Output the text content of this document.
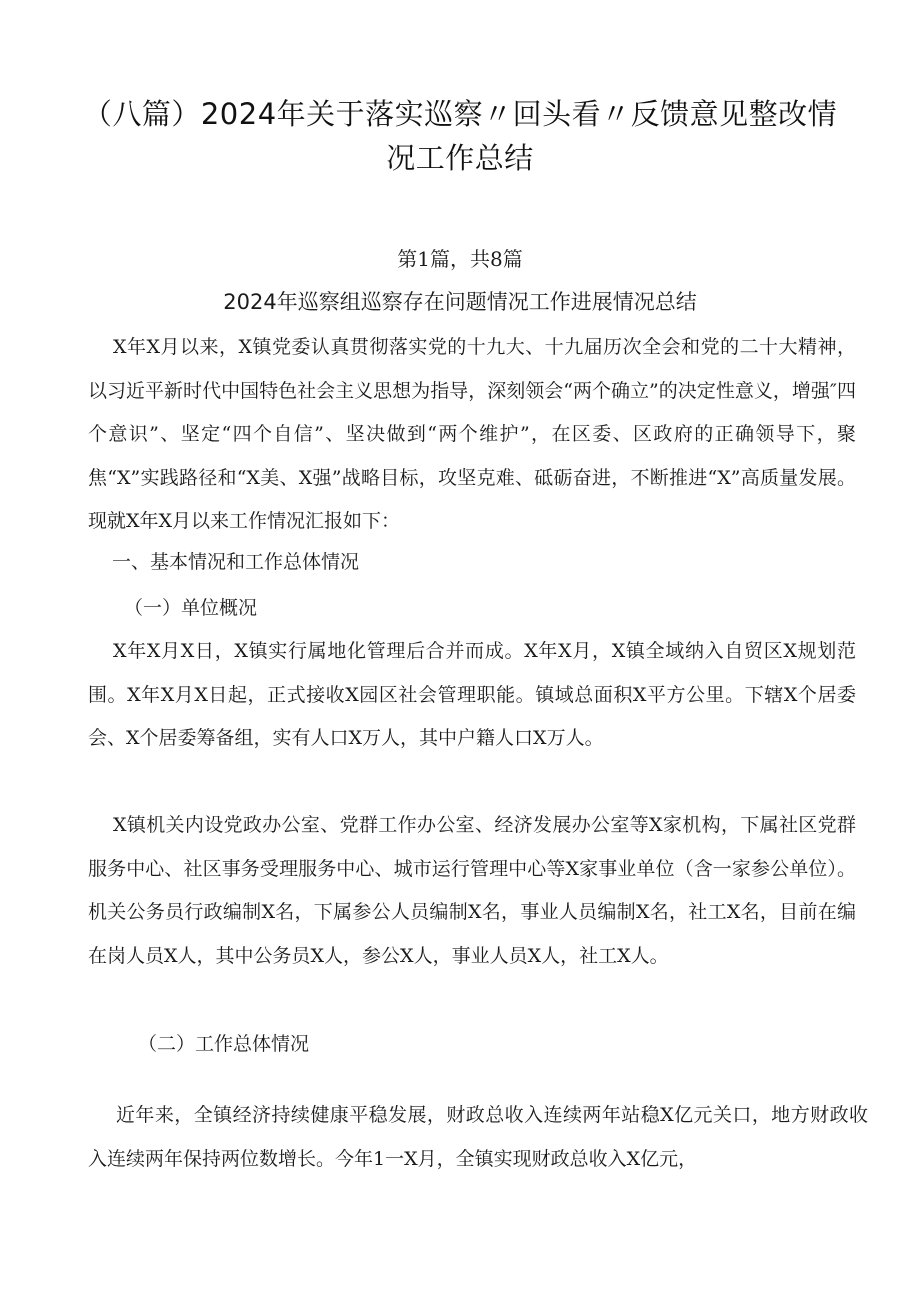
（八篇）2024年关于落实巡察〃回头看〃反馈意见整改情况工作总结

第1篇，共8篇

2024年巡察组巡察存在问题情况工作进展情况总结

X年X月以来，X镇党委认真贯彻落实党的十九大、十九届历次全会和党的二十大精神，以习近平新时代中国特色社会主义思想为指导，深刻领会“两个确立”的决定性意义，增强″四个意识”、坚定“四个自信”、坚决做到“两个维护”，在区委、区政府的正确领导下，聚焦“X”实践路径和“X美、X强”战略目标，攻坚克难、砥砺奋进，不断推进“X”高质量发展。现就X年X月以来工作情况汇报如下：

一、基本情况和工作总体情况
（一）单位概况

X年X月X日，X镇实行属地化管理后合并而成。X年X月，X镇全域纳入自贸区X规划范围。X年X月X日起，正式接收X园区社会管理职能。镇域总面积X平方公里。下辖X个居委会、X个居委筹备组，实有人口X万人，其中户籍人口X万人。

X镇机关内设党政办公室、党群工作办公室、经济发展办公室等X家机构，下属社区党群服务中心、社区事务受理服务中心、城市运行管理中心等X家事业单位（含一家参公单位）。机关公务员行政编制X名，下属参公人员编制X名，事业人员编制X名，社工X名，目前在编在岗人员X人，其中公务员X人，参公X人，事业人员X人，社工X人。

（二）工作总体情况

近年来，全镇经济持续健康平稳发展，财政总收入连续两年站稳X亿元关口，地方财政收入连续两年保持两位数增长。今年1一X月，全镇实现财政总收入X亿元，
